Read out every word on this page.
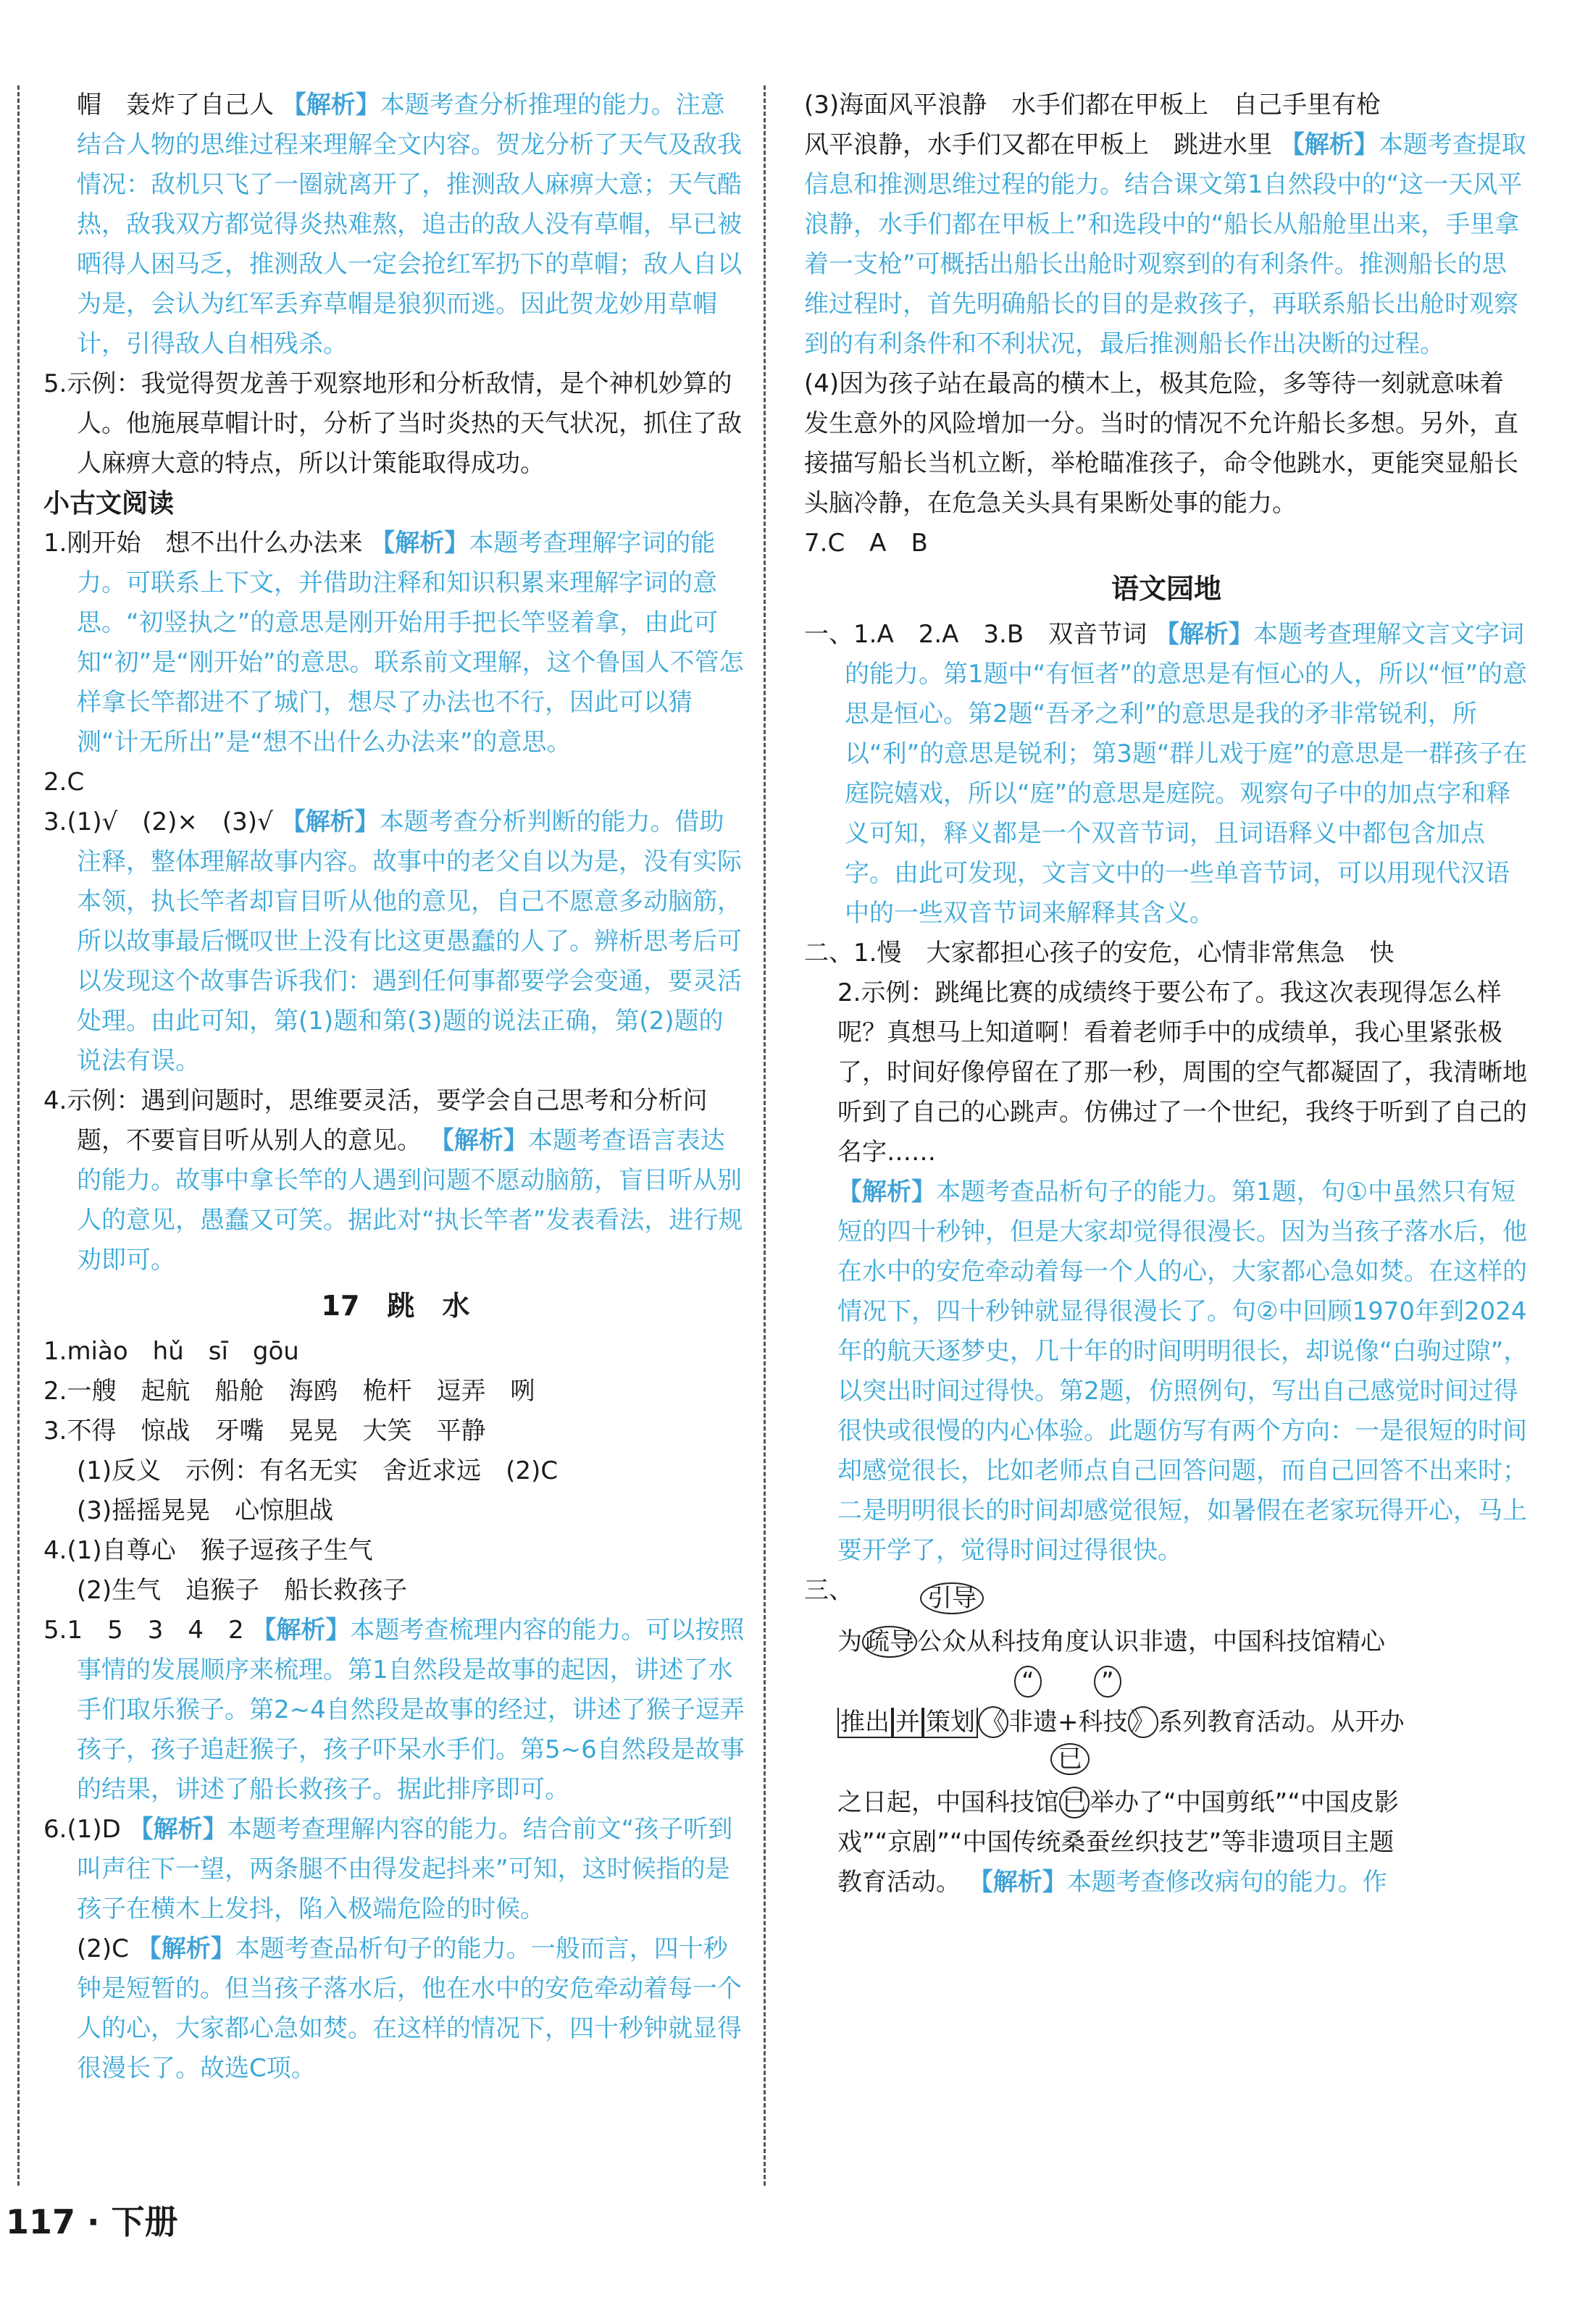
帽　轰炸了自己人 【解析】本题考查分析推理的能力。注意结合人物的思维过程来理解全文内容。贺龙分析了天气及敌我情况：敌机只飞了一圈就离开了，推测敌人麻痹大意；天气酷热，敌我双方都觉得炎热难熬，追击的敌人没有草帽，早已被晒得人困马乏，推测敌人一定会抢红军扔下的草帽；敌人自以为是，会认为红军丢弃草帽是狼狈而逃。因此贺龙妙用草帽计，引得敌人自相残杀。

5.示例：我觉得贺龙善于观察地形和分析敌情，是个神机妙算的人。他施展草帽计时，分析了当时炎热的天气状况，抓住了敌人麻痹大意的特点，所以计策能取得成功。

小古文阅读

1.刚开始　想不出什么办法来 【解析】本题考查理解字词的能力。可联系上下文，并借助注释和知识积累来理解字词的意思。“初竖执之”的意思是刚开始用手把长竿竖着拿，由此可知“初”是“刚开始”的意思。联系前文理解，这个鲁国人不管怎样拿长竿都进不了城门，想尽了办法也不行，因此可以猜测“计无所出”是“想不出什么办法来”的意思。

2.C

3.(1)√　(2)×　(3)√ 【解析】本题考查分析判断的能力。借助注释，整体理解故事内容。故事中的老父自以为是，没有实际本领，执长竿者却盲目听从他的意见，自己不愿意多动脑筋，所以故事最后慨叹世上没有比这更愚蠢的人了。辨析思考后可以发现这个故事告诉我们：遇到任何事都要学会变通，要灵活处理。由此可知，第(1)题和第(3)题的说法正确，第(2)题的说法有误。

4.示例：遇到问题时，思维要灵活，要学会自己思考和分析问题，不要盲目听从别人的意见。 【解析】本题考查语言表达的能力。故事中拿长竿的人遇到问题不愿动脑筋，盲目听从别人的意见，愚蠢又可笑。据此对“执长竿者”发表看法，进行规劝即可。

17　跳　水

1.miào　hǔ　sī　gōu

2.一艘　起航　船舱　海鸥　桅杆　逗弄　咧

3.不得　惊战　牙嘴　晃晃　大笑　平静

(1)反义　示例：有名无实　舍近求远　(2)C

(3)摇摇晃晃　心惊胆战

4.(1)自尊心　猴子逗孩子生气

(2)生气　追猴子　船长救孩子

5.1　5　3　4　2 【解析】本题考查梳理内容的能力。可以按照事情的发展顺序来梳理。第1自然段是故事的起因，讲述了水手们取乐猴子。第2~4自然段是故事的经过，讲述了猴子逗弄孩子，孩子追赶猴子，孩子吓呆水手们。第5~6自然段是故事的结果，讲述了船长救孩子。据此排序即可。

6.(1)D 【解析】本题考查理解内容的能力。结合前文“孩子听到叫声往下一望，两条腿不由得发起抖来”可知，这时候指的是孩子在横木上发抖，陷入极端危险的时候。

(2)C 【解析】本题考查品析句子的能力。一般而言，四十秒钟是短暂的。但当孩子落水后，他在水中的安危牵动着每一个人的心，大家都心急如焚。在这样的情况下，四十秒钟就显得很漫长了。故选C项。

(3)海面风平浪静　水手们都在甲板上　自己手里有枪

风平浪静，水手们又都在甲板上　跳进水里 【解析】本题考查提取信息和推测思维过程的能力。结合课文第1自然段中的“这一天风平浪静，水手们都在甲板上”和选段中的“船长从船舱里出来，手里拿着一支枪”可概括出船长出舱时观察到的有利条件。推测船长的思维过程时，首先明确船长的目的是救孩子，再联系船长出舱时观察到的有利条件和不利状况，最后推测船长作出决断的过程。

(4)因为孩子站在最高的横木上，极其危险，多等待一刻就意味着发生意外的风险增加一分。当时的情况不允许船长多想。另外，直接描写船长当机立断，举枪瞄准孩子，命令他跳水，更能突显船长头脑冷静，在危急关头具有果断处事的能力。

7.C　A　B

语文园地

一、1.A　2.A　3.B　双音节词 【解析】本题考查理解文言文字词的能力。第1题中“有恒者”的意思是有恒心的人，所以“恒”的意思是恒心。第2题“吾矛之利”的意思是我的矛非常锐利，所以“利”的意思是锐利；第3题“群儿戏于庭”的意思是一群孩子在庭院嬉戏，所以“庭”的意思是庭院。观察句子中的加点字和释义可知，释义都是一个双音节词，且词语释义中都包含加点字。由此可发现，文言文中的一些单音节词，可以用现代汉语中的一些双音节词来解释其含义。

二、1.慢　大家都担心孩子的安危，心情非常焦急　快

2.示例：跳绳比赛的成绩终于要公布了。我这次表现得怎么样呢？真想马上知道啊！看着老师手中的成绩单，我心里紧张极了，时间好像停留在了那一秒，周围的空气都凝固了，我清晰地听到了自己的心跳声。仿佛过了一个世纪，我终于听到了自己的名字……

【解析】本题考查品析句子的能力。第1题，句①中虽然只有短短的四十秒钟，但是大家却觉得很漫长。因为当孩子落水后，他在水中的安危牵动着每一个人的心，大家都心急如焚。在这样的情况下，四十秒钟就显得很漫长了。句②中回顾1970年到2024年的航天逐梦史，几十年的时间明明很长，却说像“白驹过隙”，以突出时间过得快。第2题，仿照例句，写出自己感觉时间过得很快或很慢的内心体验。此题仿写有两个方向：一是很短的时间却感觉很长，比如老师点自己回答问题，而自己回答不出来时；二是明明很长的时间却感觉很短，如暑假在老家玩得开心，马上要开学了，觉得时间过得很快。

三、	引导
为 疏导 公众从科技角度认识非遗，中国科技馆精心
“	”
推出 并 策划 《 非遗+科技 》 系列教育活动。从开办
已
之日起，中国科技馆 已 举办了“中国剪纸”“中国皮影

戏”“京剧”“中国传统桑蚕丝织技艺”等非遗项目主题

教育活动。 【解析】本题考查修改病句的能力。作

117 · 下册
